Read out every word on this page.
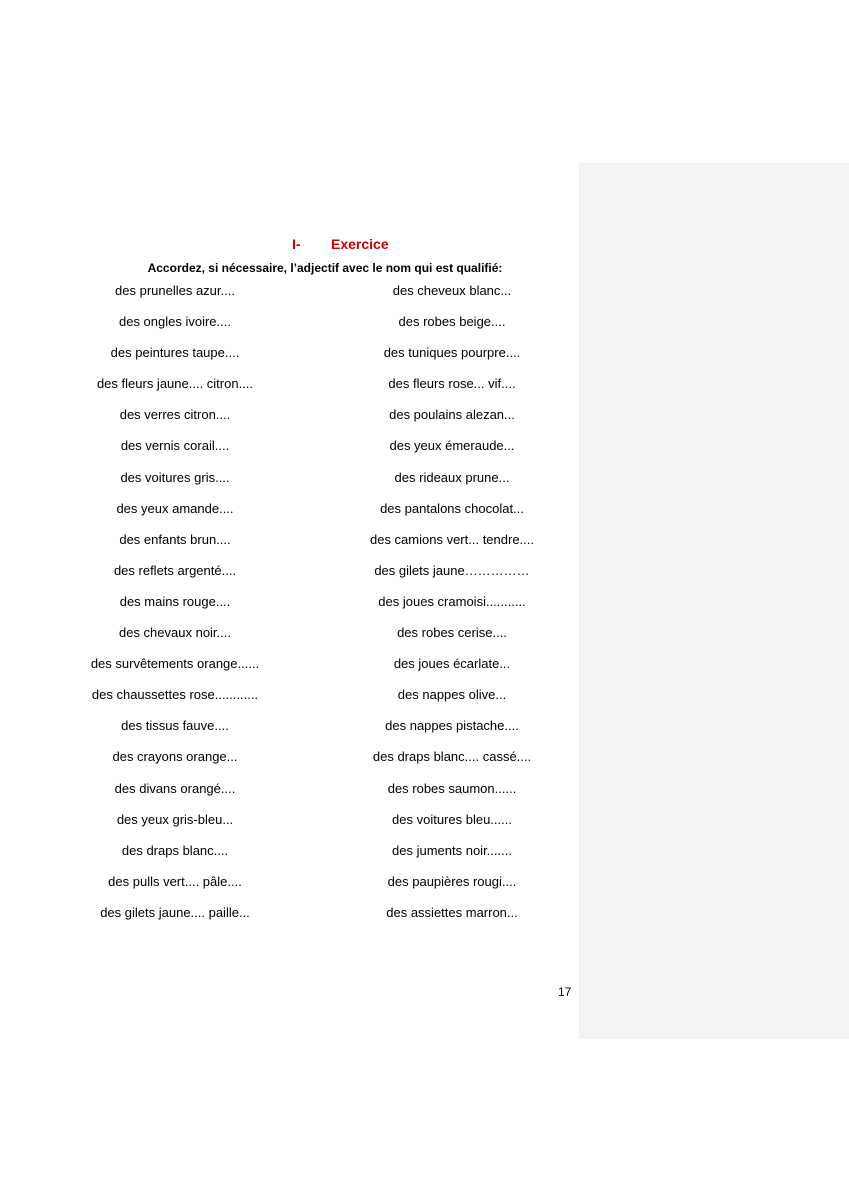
I- Exercice
Accordez, si nécessaire, l’adjectif avec le nom qui est qualifié:
des prunelles azur....
des ongles ivoire....
des peintures taupe....
des fleurs jaune.... citron....
des verres citron....
des vernis corail....
des voitures gris....
des yeux amande....
des enfants brun....
des reflets argenté....
des mains rouge....
des chevaux noir....
des survêtements orange......
des chaussettes rose............
des tissus fauve....
des crayons orange...
des divans orangé....
des yeux gris-bleu...
des draps blanc....
des pulls vert.... pâle....
des gilets jaune.... paille...
des cheveux blanc...
des robes beige....
des tuniques pourpre....
des fleurs rose... vif....
des poulains alezan...
des yeux émeraude...
des rideaux prune...
des pantalons chocolat...
des camions vert... tendre....
des gilets jaune……………
des joues cramoisi...........
des robes cerise....
des joues écarlate...
des nappes olive...
des nappes pistache....
des draps blanc.... cassé....
des robes saumon......
des voitures bleu......
des juments noir.......
des paupières rougi....
des assiettes marron...
17
